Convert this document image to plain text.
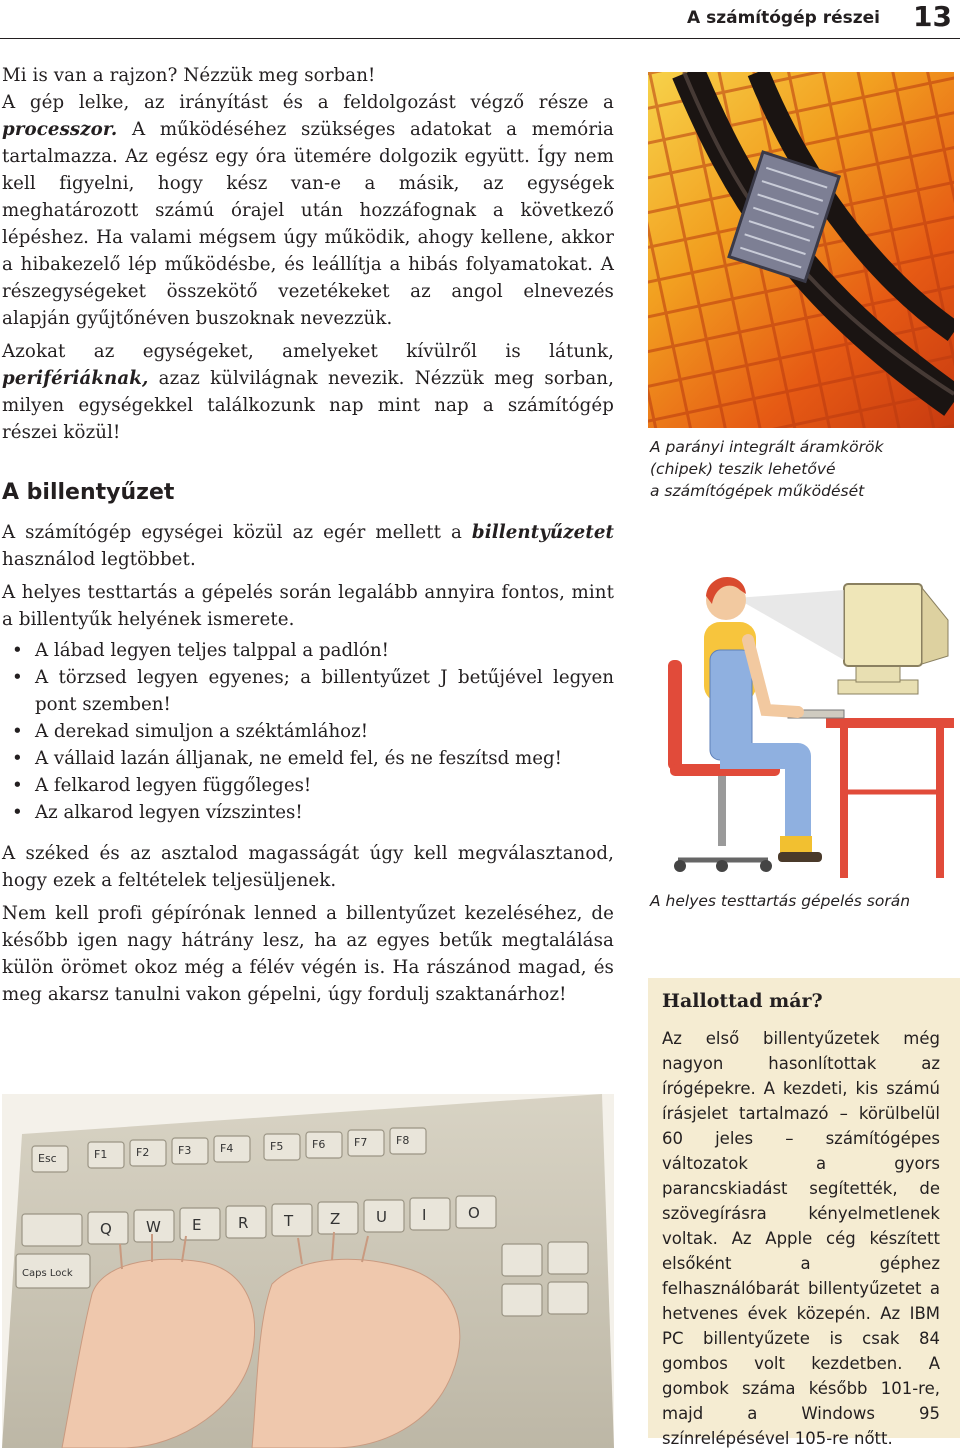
A számítógép részei 13

Mi is van a rajzon? Nézzük meg sorban!

A gép lelke, az irányítást és a feldolgozást végző része a processzor. A működéséhez szükséges adatokat a memória tartalmazza. Az egész egy óra ütemére dolgozik együtt. Így nem kell figyelni, hogy kész van-e a másik, az egységek meghatározott számú órajel után hozzáfognak a következő lépéshez. Ha valami mégsem úgy működik, ahogy kellene, akkor a hibakezelő lép működésbe, és leállítja a hibás folyamatokat. A részegységeket összekötő vezetékeket az angol elnevezés alapján gyűjtőnéven buszoknak nevezzük.

Azokat az egységeket, amelyeket kívülről is látunk, perifériáknak, azaz külvilágnak nevezik. Nézzük meg sorban, milyen egységekkel találkozunk nap mint nap a számítógép részei közül!

A billentyűzet

A számítógép egységei közül az egér mellett a billentyűzetet használod legtöbbet.

A helyes testtartás a gépelés során legalább annyira fontos, mint a billentyűk helyének ismerete.

• A lábad legyen teljes talppal a padlón!
• A törzsed legyen egyenes; a billentyűzet J betűjével legyen pont szemben!
• A derekad simuljon a széktámlához!
• A vállaid lazán álljanak, ne emeld fel, és ne feszítsd meg!
• A felkarod legyen függőleges!
• Az alkarod legyen vízszintes!

A széked és az asztalod magasságát úgy kell megválasztanod, hogy ezek a feltételek teljesüljenek.

Nem kell profi gépírónak lenned a billentyűzet kezeléséhez, de később igen nagy hátrány lesz, ha az egyes betűk megtalálása külön örömet okoz még a félév végén is. Ha rászánod magad, és meg akarsz tanulni vakon gépelni, úgy fordulj szaktanárhoz!

A parányi integrált áramkörök
(chipek) teszik lehetővé
a számítógépek működését
A helyes testtartás gépelés során
Hallottad már?
Az első billentyűzetek még nagyon hasonlítottak az írógépekre. A kezdeti, kis számú írásjelet tartalmazó – körülbelül 60 jeles – számítógépes változatok a gyors parancskiadást segítették, de szövegírásra kényelmetlenek voltak. Az Apple cég készített elsőként a géphez felhasználóbarát billentyűzetet a hetvenes évek közepén. Az IBM PC billentyűzete is csak 84 gombos volt kezdetben. A gombok száma később 101-re, majd a Windows 95 színrelépésével 105-re nőtt.
Esc	F1	F2	F3	F4	F5	F6	F7	F8
Q W E R T Z U I	O
Caps Lock
